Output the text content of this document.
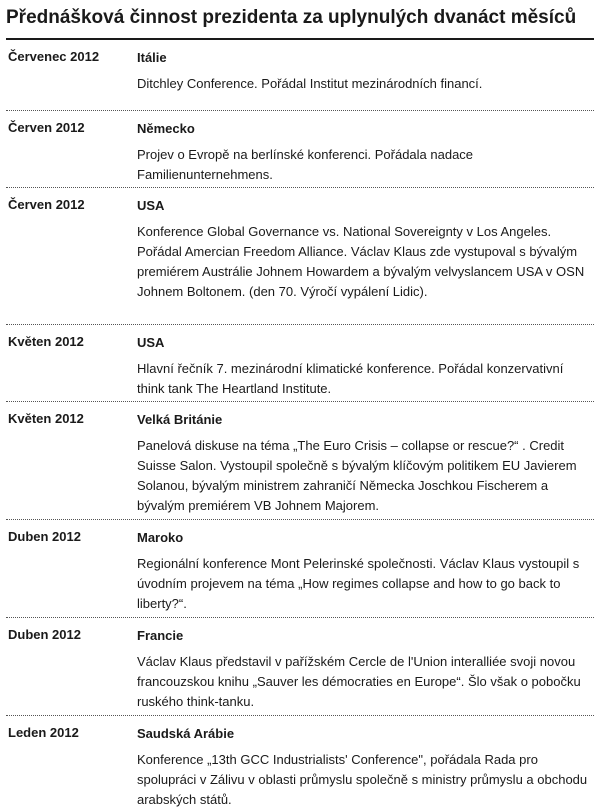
Přednášková činnost prezidenta za uplynulých dvanáct měsíců
Červenec 2012	Itálie
Ditchley Conference. Pořádal Institut mezinárodních financí.
Červen 2012	Německo
Projev o Evropě na berlínské konferenci. Pořádala nadace Familienunternehmens.
Červen 2012	USA
Konference Global Governance vs. National Sovereignty v Los Angeles. Pořádal Amercian Freedom Alliance. Václav Klaus zde vystupoval s bývalým premiérem Austrálie Johnem Howardem a bývalým velvyslancem USA v OSN Johnem Boltonem. (den 70. Výročí vypálení Lidic).
Květen 2012	USA
Hlavní řečník 7. mezinárodní klimatické konference. Pořádal konzervativní think tank The Heartland Institute.
Květen 2012	Velká Británie
Panelová diskuse na téma „The Euro Crisis – collapse or rescue?“ . Credit Suisse Salon. Vystoupil společně s bývalým klíčovým politikem EU Javierem Solanou, bývalým ministrem zahraničí Německa Joschkou Fischerem a bývalým premiérem VB Johnem Majorem.
Duben 2012	Maroko
Regionální konference Mont Pelerinské společnosti. Václav Klaus vystoupil s úvodním projevem na téma „How regimes collapse and how to go back to liberty?“.
Duben 2012	Francie
Václav Klaus představil v pařížském Cercle de l'Union interalliée svoji novou francouzskou knihu „Sauver les démocraties en Europe“. Šlo však o pobočku ruského think-tanku.
Leden 2012	Saudská Arábie
Konference „13th GCC Industrialists' Conference", pořádala Rada pro spolupráci v Zálivu v oblasti průmyslu společně s ministry průmyslu a obchodu arabských států.
